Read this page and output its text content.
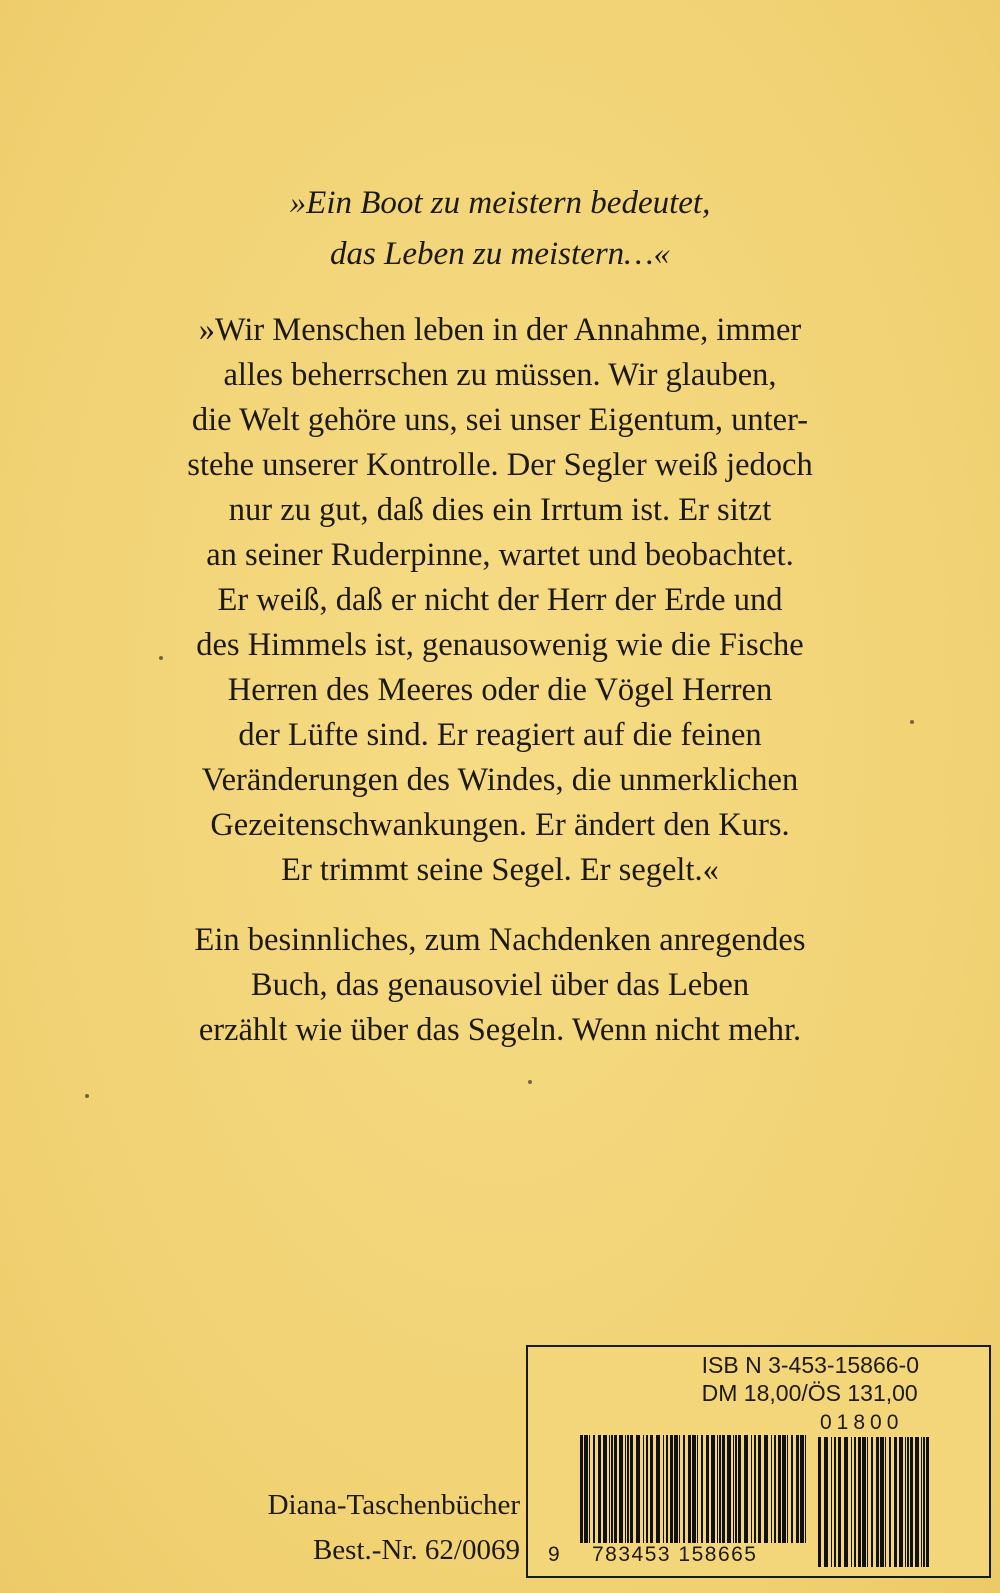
»Ein Boot zu meistern bedeutet,
das Leben zu meistern…«
»Wir Menschen leben in der Annahme, immer
alles beherrschen zu müssen. Wir glauben,
die Welt gehöre uns, sei unser Eigentum, unter-
stehe unserer Kontrolle. Der Segler weiß jedoch
nur zu gut, daß dies ein Irrtum ist. Er sitzt
an seiner Ruderpinne, wartet und beobachtet.
Er weiß, daß er nicht der Herr der Erde und
des Himmels ist, genausowenig wie die Fische
Herren des Meeres oder die Vögel Herren
der Lüfte sind. Er reagiert auf die feinen
Veränderungen des Windes, die unmerklichen
Gezeitenschwankungen. Er ändert den Kurs.
Er trimmt seine Segel. Er segelt.«
Ein besinnliches, zum Nachdenken anregendes
Buch, das genausoviel über das Leben
erzählt wie über das Segeln. Wenn nicht mehr.
Diana-Taschenbücher
Best.-Nr. 62/0069
ISB N 3-453-15866-0
DM 18,00/ÖS 131,00
01800
9 783453 158665
